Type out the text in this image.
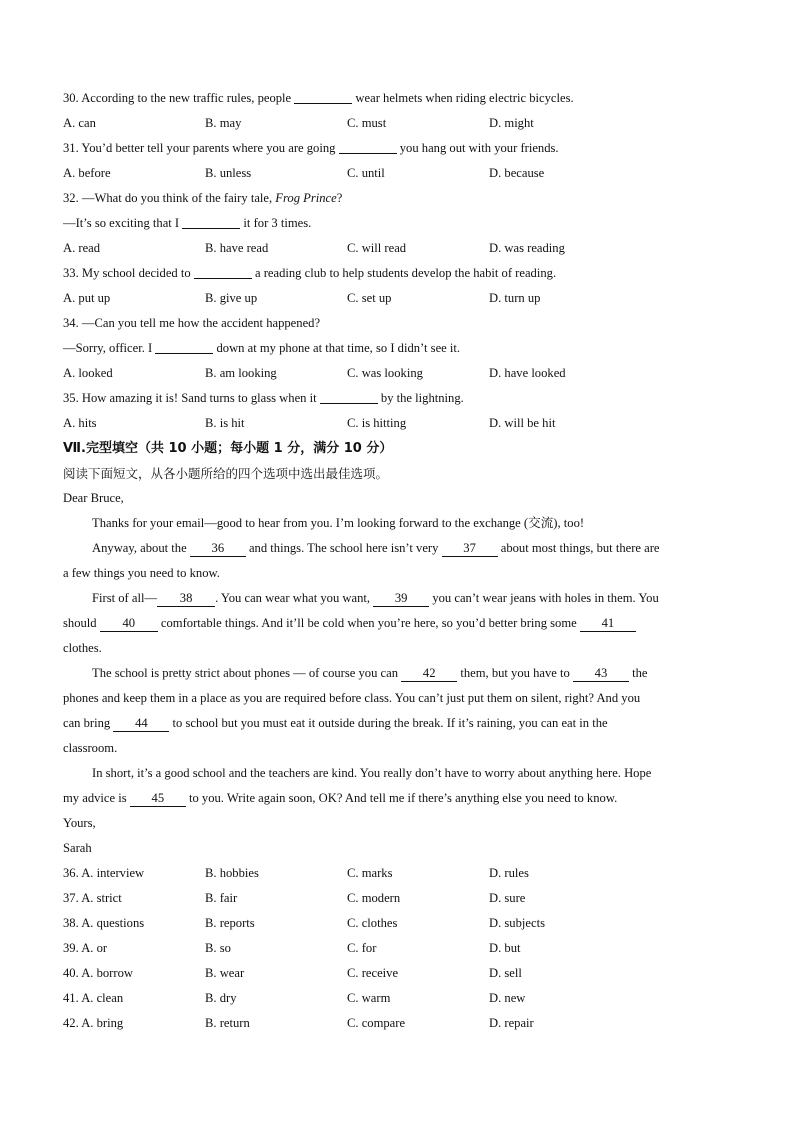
30. According to the new traffic rules, people	wear helmets when riding electric bicycles.
A. can	B. may	C. must	D. might
31. You’d better tell your parents where you are going	you hang out with your friends.
A. before	B. unless	C. until	D. because
32. —What do you think of the fairy tale, Frog Prince?
—It’s so exciting that I	it for 3 times.
A. read	B. have read	C. will read	D. was reading
33. My school decided to	a reading club to help students develop the habit of reading.
A. put up	B. give up	C. set up	D. turn up
34. —Can you tell me how the accident happened?
—Sorry, officer. I	down at my phone at that time, so I didn’t see it.
A. looked	B. am looking	C. was looking	D. have looked
35. How amazing it is! Sand turns to glass when it	by the lightning.
A. hits	B. is hit	C. is hitting	D. will be hit
Ⅶ.完型填空（共 10 小题；每小题 1 分，满分 10 分）
阅读下面短文，从各小题所给的四个选项中选出最佳选项。
Dear Bruce,
Thanks for your email—good to hear from you. I’m looking forward to the exchange (交流), too!
Anyway, about the 36 and things. The school here isn’t very 37 about most things, but there are
a few things you need to know.
First of all— 38 . You can wear what you want, 39 you can’t wear jeans with holes in them. You
should 40 comfortable things. And it’ll be cold when you’re here, so you’d better bring some 41
clothes.
The school is pretty strict about phones — of course you can 42 them, but you have to 43 the
phones and keep them in a place as you are required before class. You can’t just put them on silent, right? And you
can bring 44 to school but you must eat it outside during the break. If it’s raining, you can eat in the
classroom.
In short, it’s a good school and the teachers are kind. You really don’t have to worry about anything here. Hope
my advice is 45 to you. Write again soon, OK? And tell me if there’s anything else you need to know.
Yours,
Sarah
36. A. interview	B. hobbies	C. marks	D. rules
37. A. strict	B. fair	C. modern	D. sure
38. A. questions	B. reports	C. clothes	D. subjects
39. A. or	B. so	C. for	D. but
40. A. borrow	B. wear	C. receive	D. sell
41. A. clean	B. dry	C. warm	D. new
42. A. bring	B. return	C. compare	D. repair
